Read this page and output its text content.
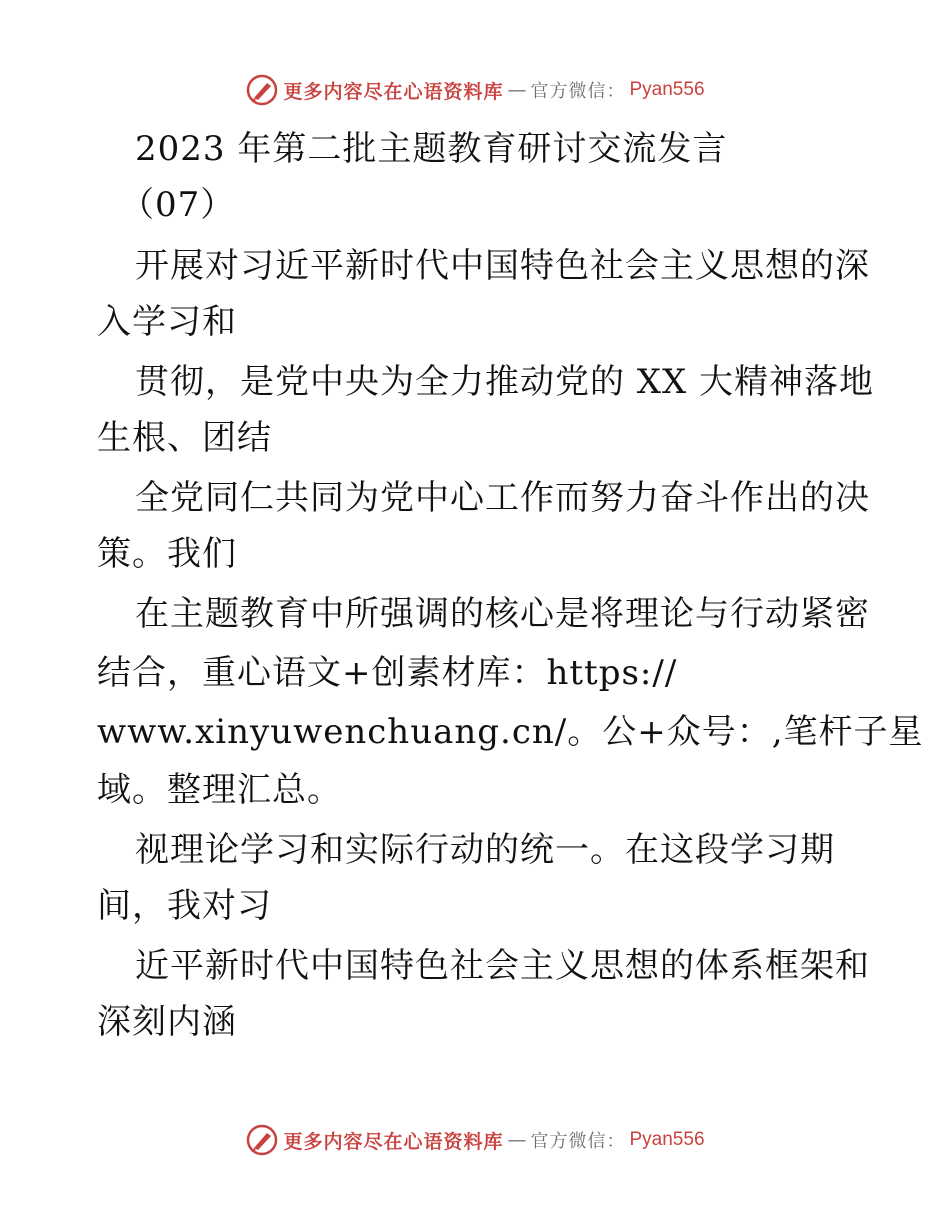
更多内容尽在心语资料库 — 官方微信： Pyan556
2023 年第二批主题教育研讨交流发言
（07）
开展对习近平新时代中国特色社会主义思想的深
入学习和
贯彻，是党中央为全力推动党的 XX 大精神落地
生根、团结
全党同仁共同为党中心工作而努力奋斗作出的决
策。我们
在主题教育中所强调的核心是将理论与行动紧密
结合，重心语文+创素材库：https://
www.xinyuwenchuang.cn/。公+众号：,笔杆子星
域。整理汇总。
视理论学习和实际行动的统一。在这段学习期
间，我对习
近平新时代中国特色社会主义思想的体系框架和
深刻内涵
更多内容尽在心语资料库 — 官方微信： Pyan556
